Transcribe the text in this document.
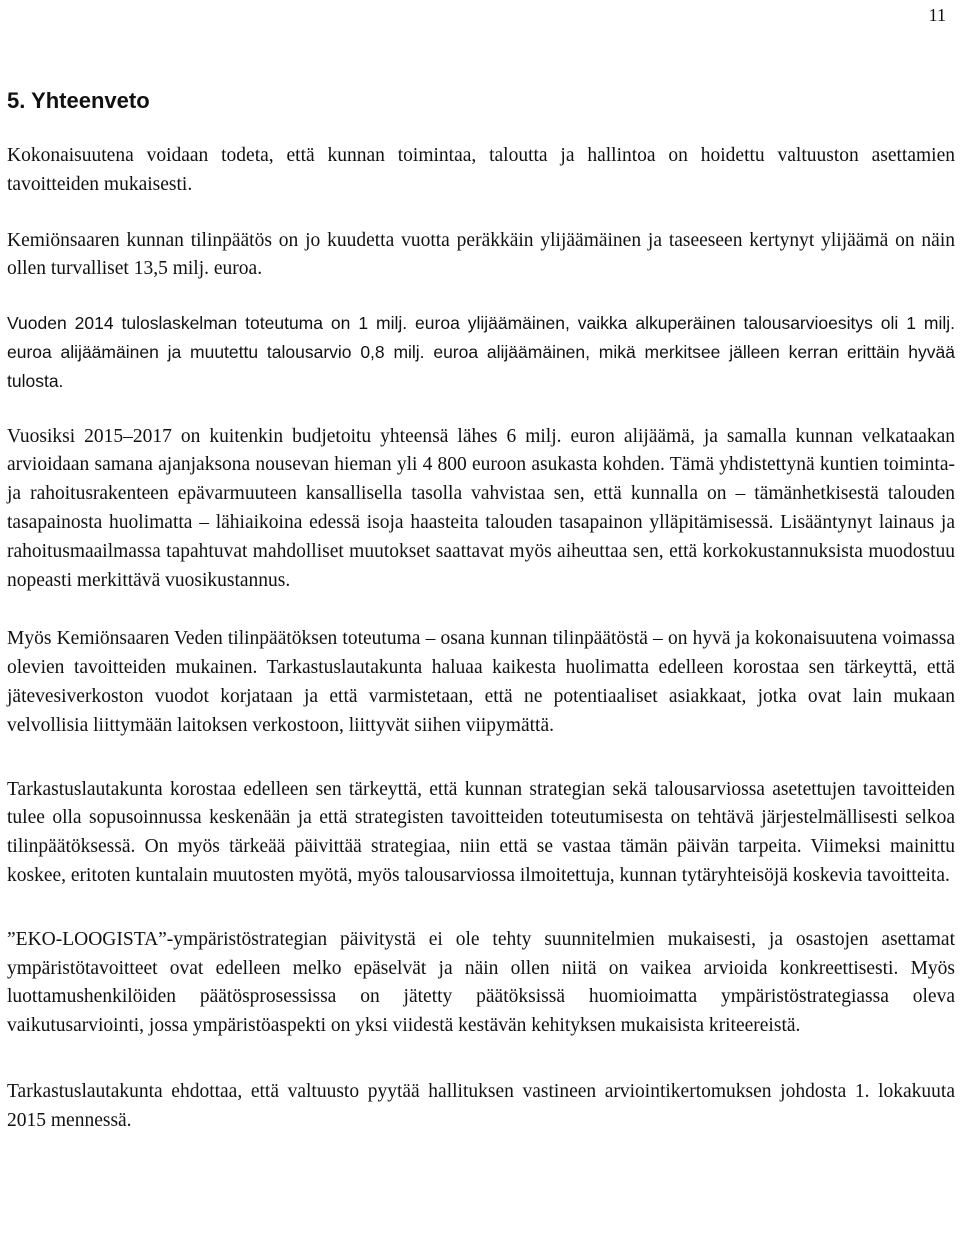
11
5. Yhteenveto

Kokonaisuutena voidaan todeta, että kunnan toimintaa, taloutta ja hallintoa on hoidettu valtuuston asettamien tavoitteiden mukaisesti.

Kemiönsaaren kunnan tilinpäätös on jo kuudetta vuotta peräkkäin ylijäämäinen ja taseeseen kertynyt ylijäämä on näin ollen turvalliset 13,5 milj. euroa.

Vuoden 2014 tuloslaskelman toteutuma on 1 milj. euroa ylijäämäinen, vaikka alkuperäinen talousarvioesitys oli 1 milj. euroa alijäämäinen ja muutettu talousarvio 0,8 milj. euroa alijäämäinen, mikä merkitsee jälleen kerran erittäin hyvää tulosta.

Vuosiksi 2015–2017 on kuitenkin budjetoitu yhteensä lähes 6 milj. euron alijäämä, ja samalla kunnan velkataakan arvioidaan samana ajanjaksona nousevan hieman yli 4 800 euroon asukasta kohden. Tämä yhdistettynä kuntien toiminta- ja rahoitusrakenteen epävarmuuteen kansallisella tasolla vahvistaa sen, että kunnalla on – tämänhetkisestä talouden tasapainosta huolimatta – lähiaikoina edessä isoja haasteita talouden tasapainon ylläpitämisessä. Lisääntynyt lainaus ja rahoitusmaailmassa tapahtuvat mahdolliset muutokset saattavat myös aiheuttaa sen, että korkokustannuksista muodostuu nopeasti merkittävä vuosikustannus.

Myös Kemiönsaaren Veden tilinpäätöksen toteutuma – osana kunnan tilinpäätöstä – on hyvä ja kokonaisuutena voimassa olevien tavoitteiden mukainen. Tarkastuslautakunta haluaa kaikesta huolimatta edelleen korostaa sen tärkeyttä, että jätevesiverkoston vuodot korjataan ja että varmistetaan, että ne potentiaaliset asiakkaat, jotka ovat lain mukaan velvollisia liittymään laitoksen verkostoon, liittyvät siihen viipymättä.

Tarkastuslautakunta korostaa edelleen sen tärkeyttä, että kunnan strategian sekä talousarviossa asetettujen tavoitteiden tulee olla sopusoinnussa keskenään ja että strategisten tavoitteiden toteutumisesta on tehtävä järjestelmällisesti selkoa tilinpäätöksessä. On myös tärkeää päivittää strategiaa, niin että se vastaa tämän päivän tarpeita. Viimeksi mainittu koskee, eritoten kuntalain muutosten myötä, myös talousarviossa ilmoitettuja, kunnan tytäryhteisöjä koskevia tavoitteita.

”EKO-LOOGISTA”-ympäristöstrategian päivitystä ei ole tehty suunnitelmien mukaisesti, ja osastojen asettamat ympäristötavoitteet ovat edelleen melko epäselvät ja näin ollen niitä on vaikea arvioida konkreettisesti. Myös luottamushenkilöiden päätösprosessissa on jätetty päätöksissä huomioimatta ympäristöstrategiassa oleva vaikutusarviointi, jossa ympäristöaspekti on yksi viidestä kestävän kehityksen mukaisista kriteereistä.

Tarkastuslautakunta ehdottaa, että valtuusto pyytää hallituksen vastineen arviointikertomuksen johdosta 1. lokakuuta 2015 mennessä.
